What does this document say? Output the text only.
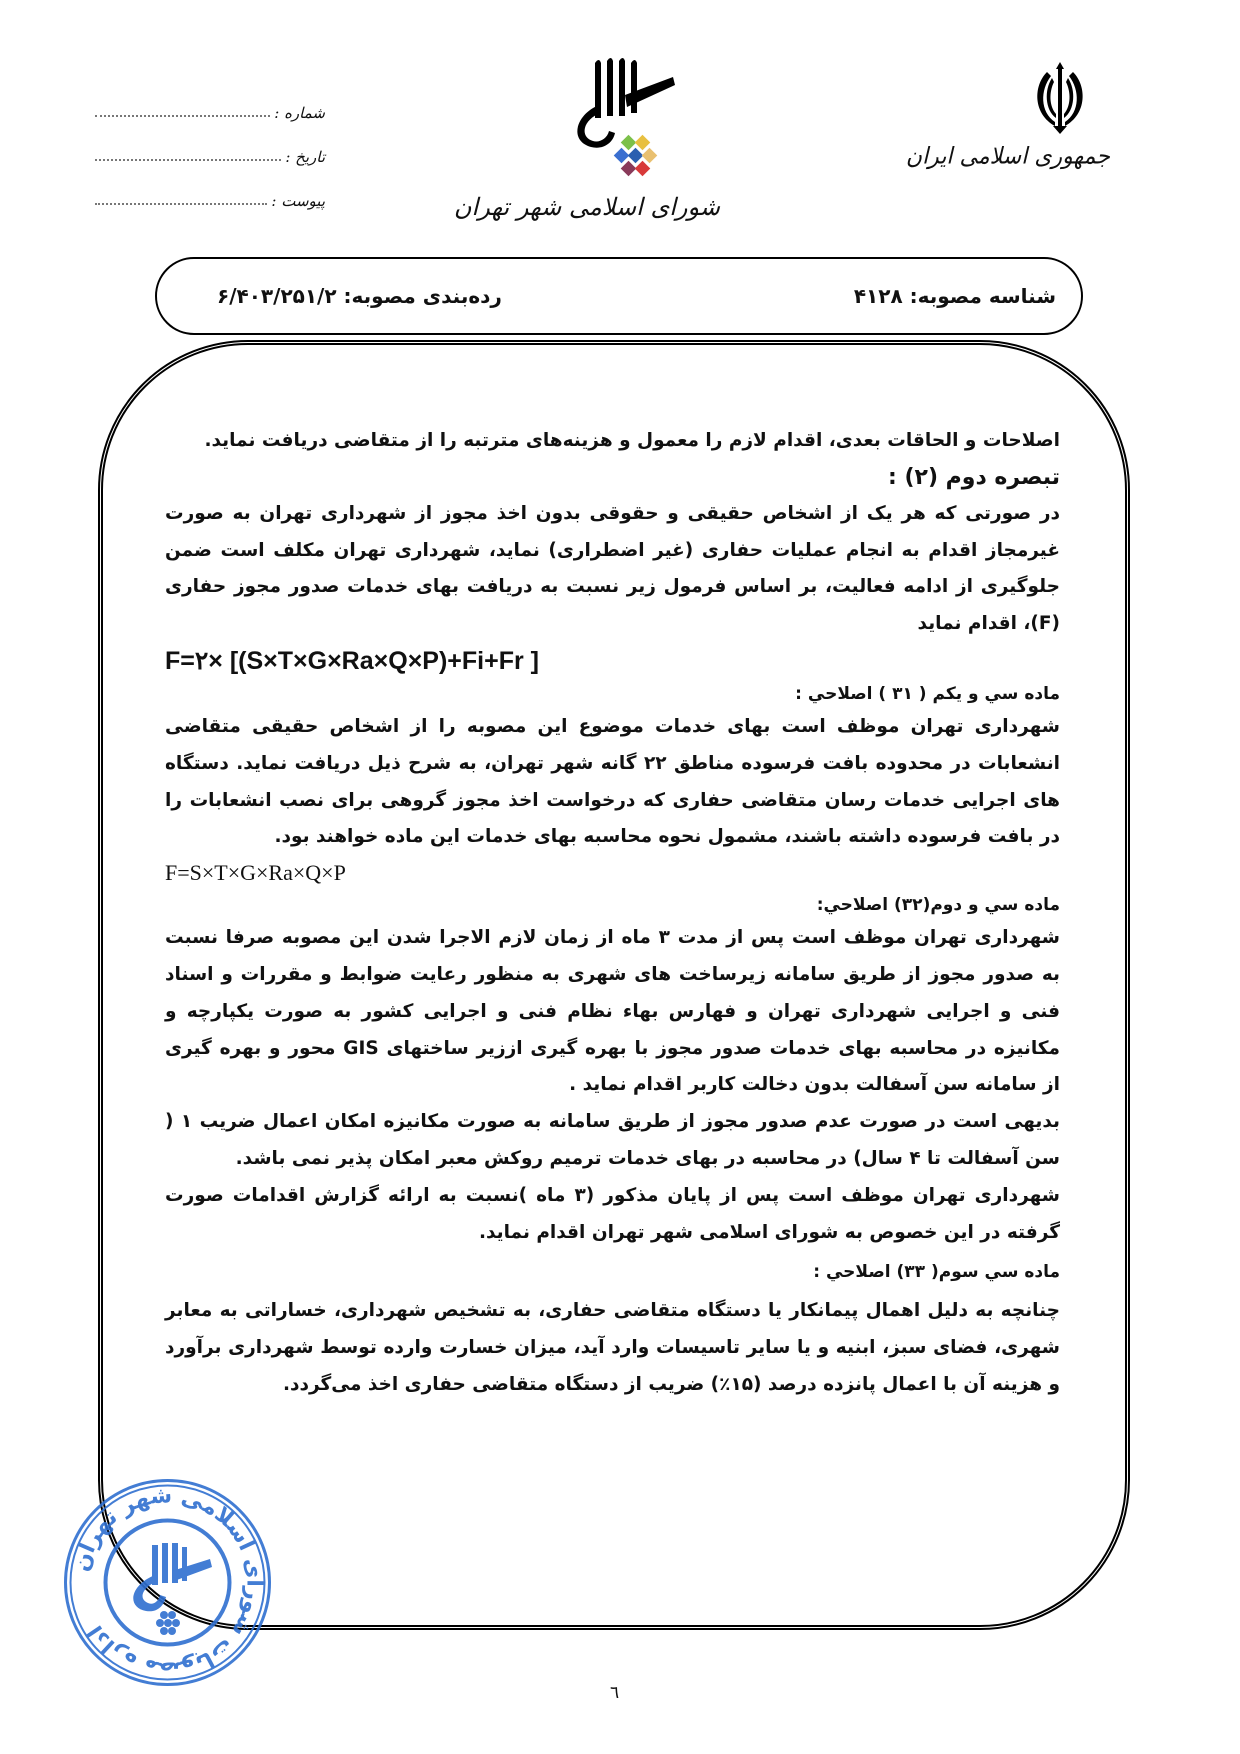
جمهوری اسلامی ایران
شورای اسلامی شهر تهران
شماره :
تاریخ :
پیوست :
شناسه مصوبه: ۴۱۲۸
رده‌بندی مصوبه: ۶/۴۰۳/۲۵۱/۲

اصلاحات و الحاقات بعدی، اقدام لازم را معمول و هزینه‌های مترتبه را از متقاضی دریافت نماید.

تبصره دوم (۲) :

در صورتی که هر یک از اشخاص حقیقی و حقوقی بدون اخذ مجوز از شهرداری تهران به صورت غیرمجاز اقدام به انجام عملیات حفاری (غیر اضطراری) نماید، شهرداری تهران مکلف است ضمن جلوگیری از ادامه فعالیت، بر اساس فرمول زیر نسبت به دریافت بهای خدمات صدور مجوز حفاری (F)، اقدام نماید

F=۲× [(S×T×G×Ra×Q×P)+Fi+Fr ]

ماده سي و يكم ( ۳۱ ) اصلاحي :

شهرداری تهران موظف است بهای خدمات موضوع این مصوبه را از اشخاص حقیقی متقاضی انشعابات در محدوده بافت فرسوده مناطق ۲۲ گانه شهر تهران، به شرح ذیل دریافت نماید. دستگاه های اجرایی خدمات رسان متقاضی حفاری که درخواست اخذ مجوز گروهی برای نصب انشعابات را در بافت فرسوده داشته باشند، مشمول نحوه محاسبه بهای خدمات این ماده خواهند بود.

F=S×T×G×Ra×Q×P

ماده سي و دوم(۳۲) اصلاحي:

شهرداری تهران موظف است پس از مدت ۳ ماه از زمان لازم الاجرا شدن این مصوبه صرفا نسبت به صدور مجوز از طریق سامانه زیرساخت های شهری به منظور رعایت ضوابط و مقررات و اسناد فنی و اجرایی شهرداری تهران و فهارس بهاء نظام فنی و اجرایی کشور به صورت یکپارچه و مکانیزه در محاسبه بهای خدمات صدور مجوز با بهره گیری اززیر ساختهای GIS محور و بهره گیری از سامانه سن آسفالت بدون دخالت کاربر اقدام نماید .

بدیهی است در صورت عدم صدور مجوز از طریق سامانه به صورت مکانیزه امکان اعمال ضریب ۱ ( سن آسفالت تا ۴ سال) در محاسبه در بهای خدمات ترمیم روکش معبر امکان پذیر نمی باشد.

شهرداری تهران موظف است پس از پایان مذکور (۳ ماه )نسبت به ارائه گزارش اقدامات صورت گرفته در این خصوص به شورای اسلامی شهر تهران اقدام نماید.

ماده سي سوم( ۳۳) اصلاحي :

چنانچه به دلیل اهمال پیمانکار یا دستگاه متقاضی حفاری، به تشخیص شهرداری، خساراتی به معابر شهری، فضای سبز، ابنیه و یا سایر تاسیسات وارد آید، میزان خسارت وارده توسط شهرداری برآورد و هزینه آن با اعمال پانزده درصد (۱۵٪) ضریب از دستگاه متقاضی حفاری اخذ می‌گردد.

اداره مصوبات شورای اسلامی شهر تهران
٦
